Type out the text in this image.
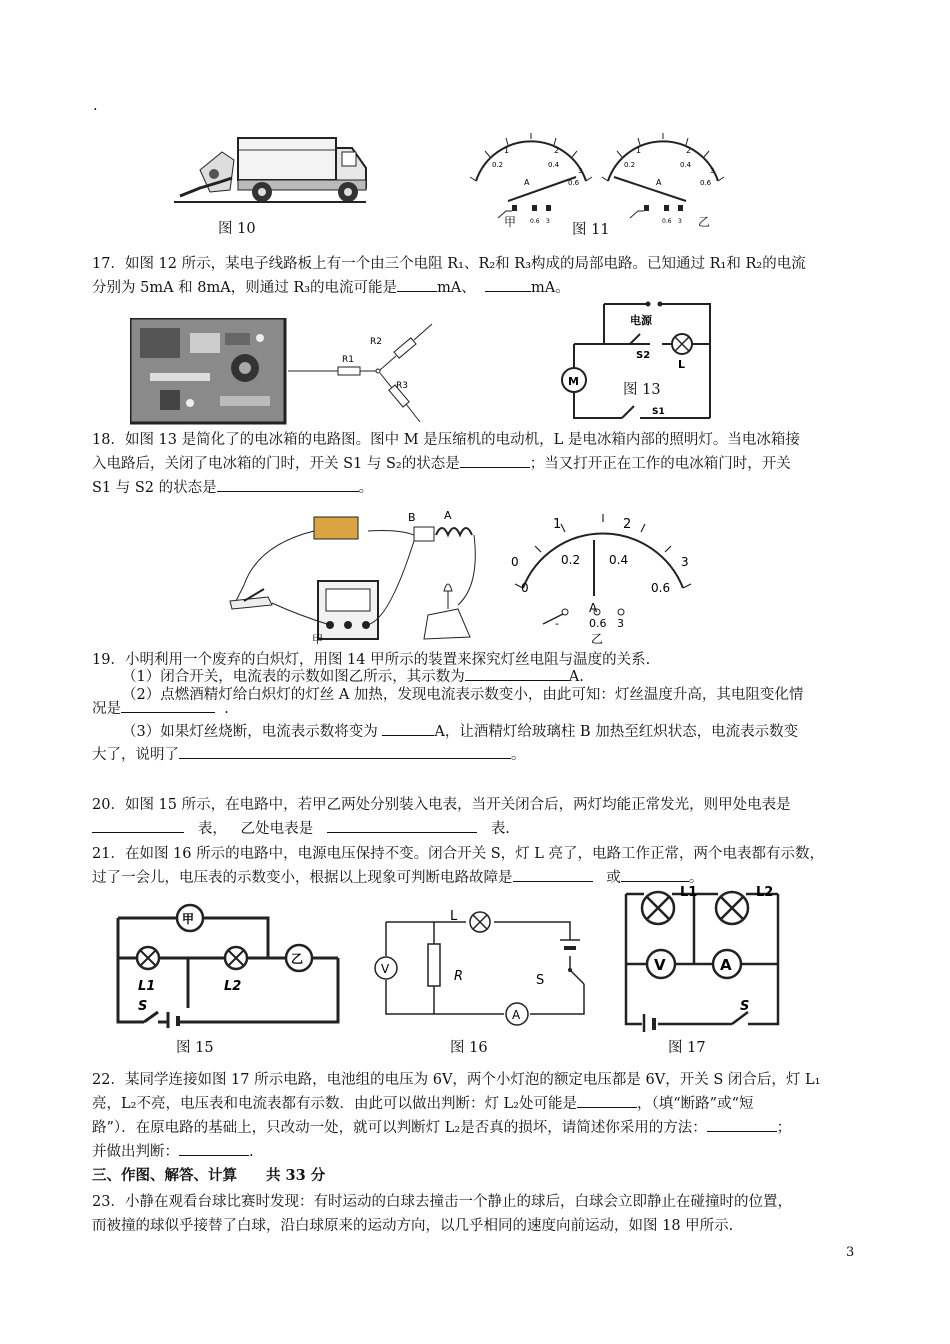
.
图 10
1	2
0.2	0.4
3
0.6
A
0.6 3
甲	图 11
1	2
0.2	0.4
3
0.6
A
0.6 3 乙
17．如图 12 所示，某电子线路板上有一个由三个电阻 R₁、R₂和 R₃构成的局部电路。已知通过 R₁和 R₂的电流
分别为 5mA 和 8mA，则通过 R₃的电流可能是	mA、	mA。
R1
R2
R3
电源
S2
L
M
S1
图 13
18．如图 13 是简化了的电冰箱的电路图。图中 M 是压缩机的电动机，L 是电冰箱内部的照明灯。当电冰箱接
入电路后，关闭了电冰箱的门时，开关 S1 与 S₂的状态是	；当又打开正在工作的电冰箱门时，开关
S1 与 S2 的状态是	。
B	A
甲
1	2
0.2 0.4
0
0
3
0.6
A
-	0.6 3
乙
19．小明利用一个废弃的白炽灯，用图 14 甲所示的装置来探究灯丝电阻与温度的关系.
（1）闭合开关，电流表的示数如图乙所示，其示数为	A.
（2）点燃酒精灯给白炽灯的灯丝 A 加热，发现电流表示数变小，由此可知：灯丝温度升高，其电阻变化情
况是	.
（3）如果灯丝烧断，电流表示数将变为	A，让酒精灯给玻璃柱 B 加热至红炽状态，电流表示数变
大了，说明了	。
20．如图 15 所示，在电路中，若甲乙两处分别装入电表，当开关闭合后，两灯均能正常发光，则甲处电表是
表， 乙处电表是	表.
21．在如图 16 所示的电路中，电源电压保持不变。闭合开关 S，灯 L 亮了，电路工作正常，两个电表都有示数，
过了一会儿，电压表的示数变小，根据以上现象可判断电路故障是	或	。
甲
乙
L1	L2
S
图 15
V
A
L
R	S
图 16
V	A
L1	L2
S
图 17
22．某同学连接如图 17 所示电路，电池组的电压为 6V，两个小灯泡的额定电压都是 6V，开关 S 闭合后，灯 L₁
亮，L₂不亮，电压表和电流表都有示数．由此可以做出判断：灯 L₂处可能是	，（填“断路”或“短
路”）．在原电路的基础上，只改动一处，就可以判断灯 L₂是否真的损坏，请简述你采用的方法：	；
并做出判断：	.
三、作图、解答、计算　　共 33 分
23．小静在观看台球比赛时发现：有时运动的白球去撞击一个静止的球后，白球会立即静止在碰撞时的位置，
而被撞的球似乎接替了白球，沿白球原来的运动方向，以几乎相同的速度向前运动，如图 18 甲所示.
3
